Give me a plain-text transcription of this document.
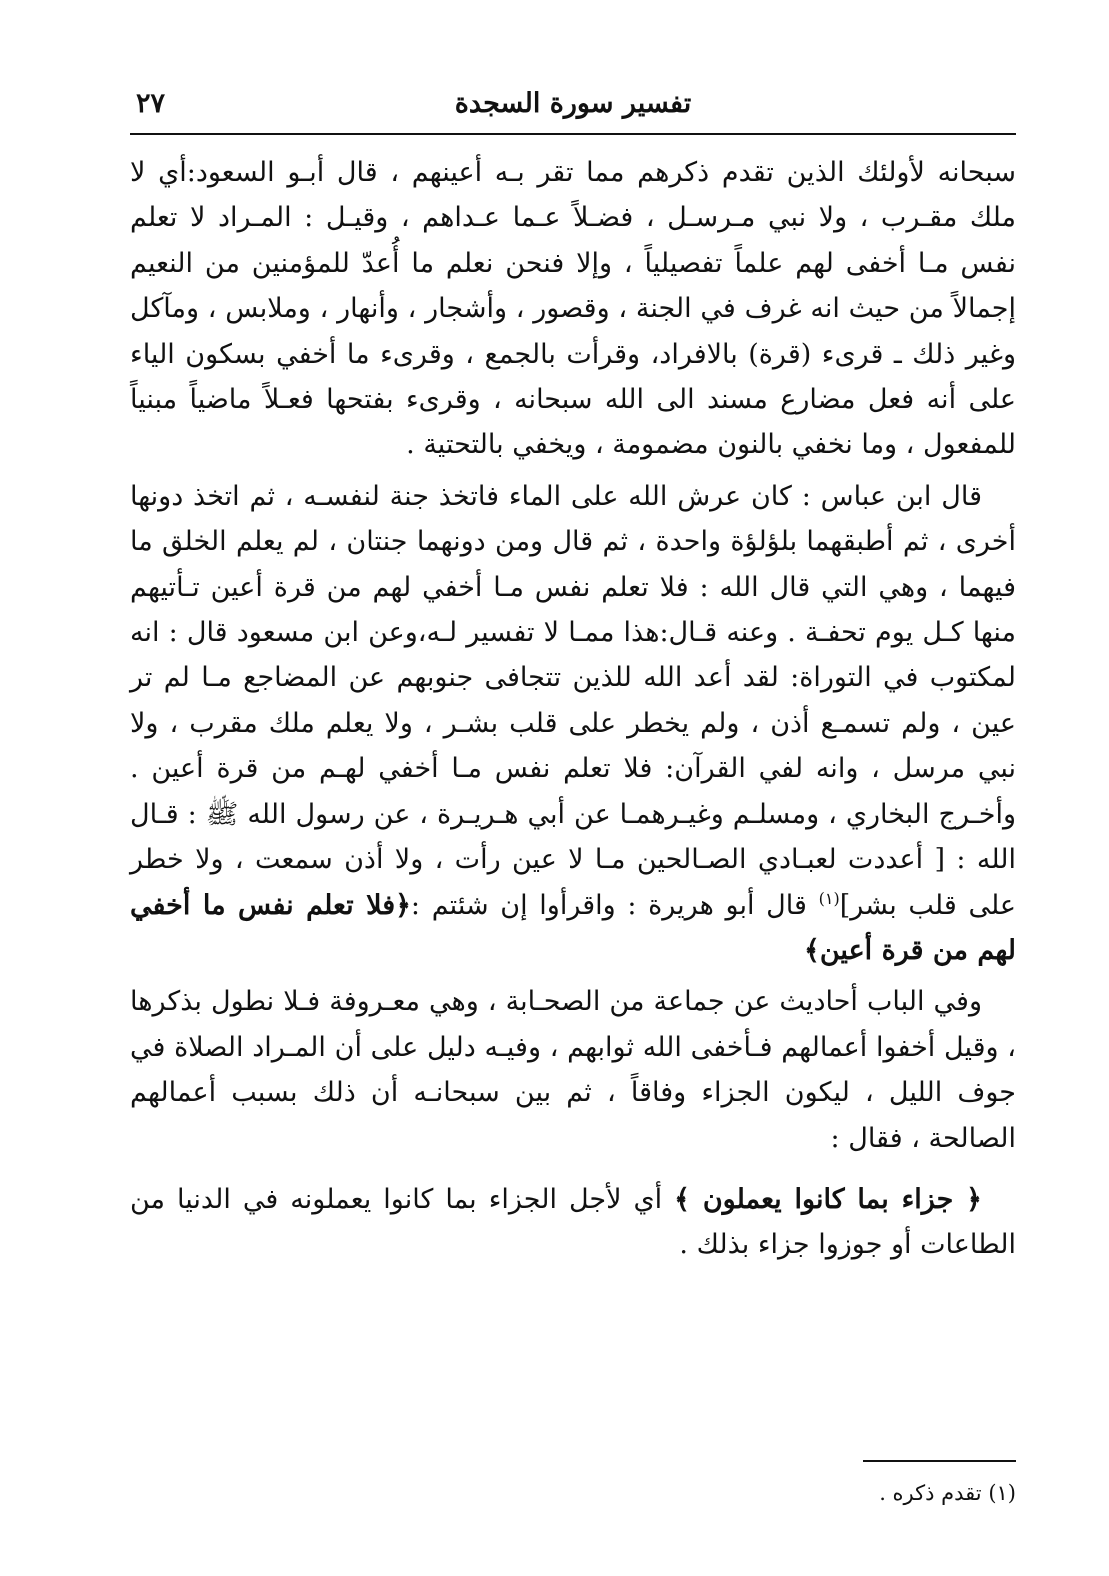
تفسير سورة السجدة
٢٧

سبحانه لأولئك الذين تقدم ذكرهم مما تقر بـه أعينهم ، قال أبـو السعود:أي لا ملك مقـرب ، ولا نبي مـرسـل ، فضـلاً عـما عـداهم ، وقيـل : المـراد لا تعلم نفس مـا أخفى لهم علماً تفصيلياً ، وإلا فنحن نعلم ما أُعدّ للمؤمنين من النعيم إجمالاً من حيث انه غرف في الجنة ، وقصور ، وأشجار ، وأنهار ، وملابس ، ومآكل وغير ذلك ـ قرىء (قرة) بالافراد، وقرأت بالجمع ، وقرىء ما أخفي بسكون الياء على أنه فعل مضارع مسند الى الله سبحانه ، وقرىء بفتحها فعـلاً ماضياً مبنياً للمفعول ، وما نخفي بالنون مضمومة ، ويخفي بالتحتية .

قال ابن عباس : كان عرش الله على الماء فاتخذ جنة لنفسـه ، ثم اتخذ دونها أخرى ، ثم أطبقهما بلؤلؤة واحدة ، ثم قال ومن دونهما جنتان ، لم يعلم الخلق ما فيهما ، وهي التي قال الله : فلا تعلم نفس مـا أخفي لهم من قرة أعين تـأتيهم منها كـل يوم تحفـة . وعنه قـال:هذا ممـا لا تفسير لـه،وعن ابن مسعود قال : انه لمكتوب في التوراة: لقد أعد الله للذين تتجافى جنوبهم عن المضاجع مـا لم تر عين ، ولم تسمـع أذن ، ولم يخطر على قلب بشـر ، ولا يعلم ملك مقرب ، ولا نبي مرسل ، وانه لفي القرآن: فلا تعلم نفس مـا أخفي لهـم من قرة أعين . وأخـرج البخاري ، ومسلـم وغيـرهمـا عن أبي هـريـرة ، عن رسول الله ﷺ : قـال الله : [ أعددت لعبـادي الصـالحين مـا لا عين رأت ، ولا أذن سمعت ، ولا خطر على قلب بشر]$^{(١)}$ قال أبو هريرة : واقرأوا إن شئتم :﴿فلا تعلم نفس ما أخفي لهم من قرة أعين﴾

وفي الباب أحاديث عن جماعة من الصحـابة ، وهي معـروفة فـلا نطول بذكرها ، وقيل أخفوا أعمالهم فـأخفى الله ثوابهم ، وفيـه دليل على أن المـراد الصلاة في جوف الليل ، ليكون الجزاء وفاقاً ، ثم بين سبحانـه أن ذلك بسبب أعمالهم الصالحة ، فقال :

﴿ جزاء بما كانوا يعملون ﴾ أي لأجل الجزاء بما كانوا يعملونه في الدنيا من الطاعات أو جوزوا جزاء بذلك .

(١) تقدم ذكره .
